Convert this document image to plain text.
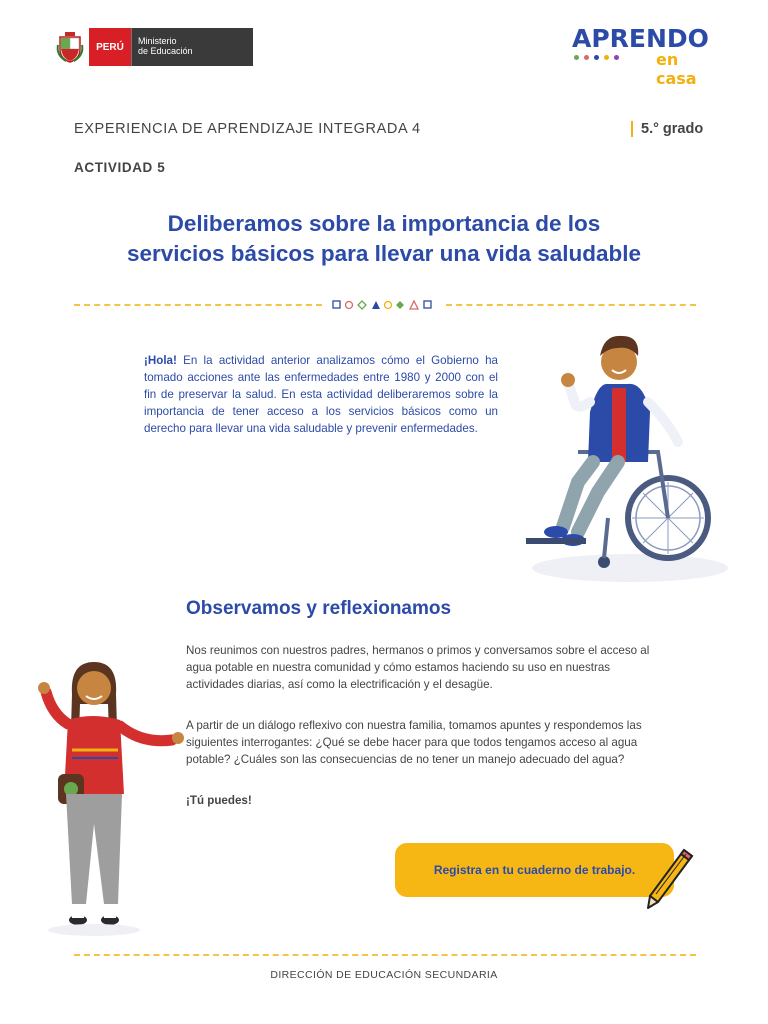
PERÚ
Ministerio
de Educación	APRENDO
en casa
EXPERIENCIA DE APRENDIZAJE INTEGRADA 4	5.° grado
ACTIVIDAD 5
Deliberamos sobre la importancia de los
servicios básicos para llevar una vida saludable
¡Hola! En la actividad anterior analizamos cómo el Gobierno ha tomado acciones ante las enfermedades entre 1980 y 2000 con el fin de preservar la salud. En esta actividad deliberaremos sobre la importancia de tener acceso a los servicios básicos como un derecho para llevar una vida saludable y prevenir enfermedades.
Observamos y reflexionamos
Nos reunimos con nuestros padres, hermanos o primos y conversamos sobre el acceso al agua potable en nuestra comunidad y cómo estamos haciendo su uso en nuestras actividades diarias, así como la electrificación y el desagüe.
A partir de un diálogo reflexivo con nuestra familia, tomamos apuntes y respondemos las siguientes interrogantes: ¿Qué se debe hacer para que todos tengamos acceso al agua potable? ¿Cuáles son las consecuencias de no tener un manejo adecuado del agua?
¡Tú puedes!
Registra en tu cuaderno de trabajo.
DIRECCIÓN DE EDUCACIÓN SECUNDARIA
